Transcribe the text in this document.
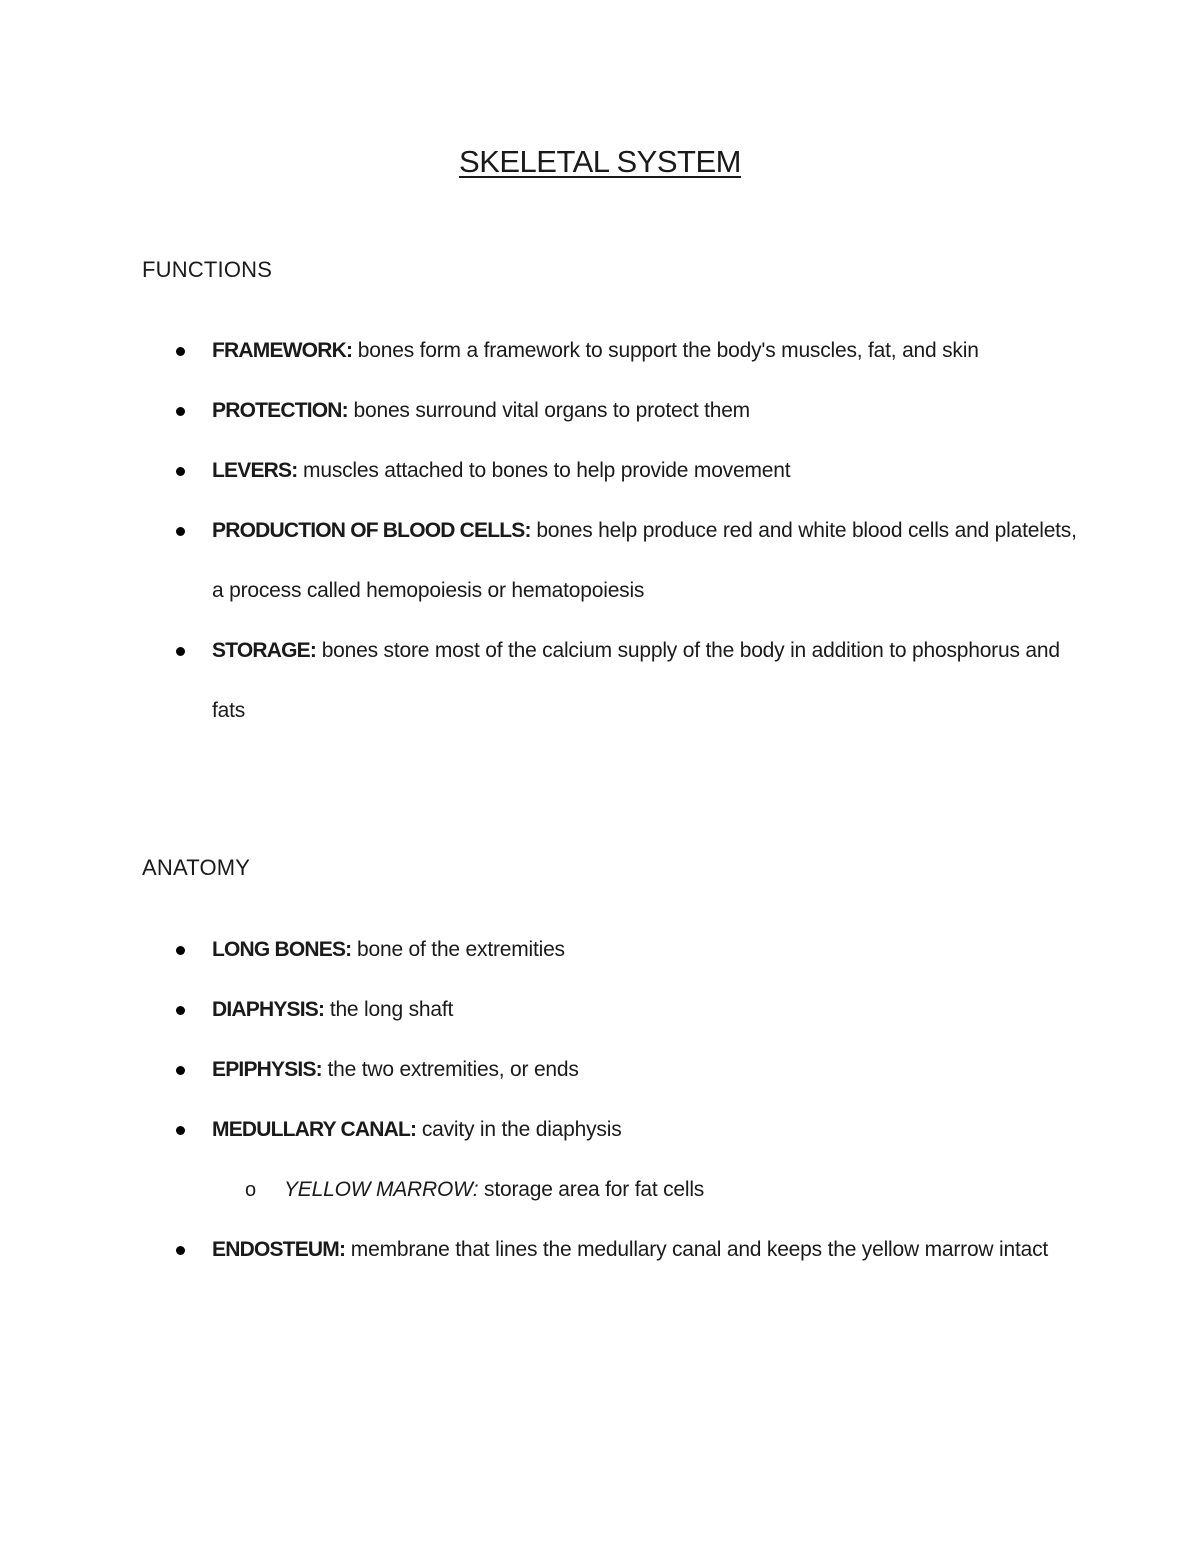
SKELETAL SYSTEM
FUNCTIONS
FRAMEWORK: bones form a framework to support the body's muscles, fat, and skin
PROTECTION: bones surround vital organs to protect them
LEVERS: muscles attached to bones to help provide movement
PRODUCTION OF BLOOD CELLS: bones help produce red and white blood cells and platelets, a process called hemopoiesis or hematopoiesis
STORAGE: bones store most of the calcium supply of the body in addition to phosphorus and fats
ANATOMY
LONG BONES: bone of the extremities
DIAPHYSIS: the long shaft
EPIPHYSIS: the two extremities, or ends
MEDULLARY CANAL: cavity in the diaphysis
o YELLOW MARROW: storage area for fat cells
ENDOSTEUM: membrane that lines the medullary canal and keeps the yellow marrow intact
